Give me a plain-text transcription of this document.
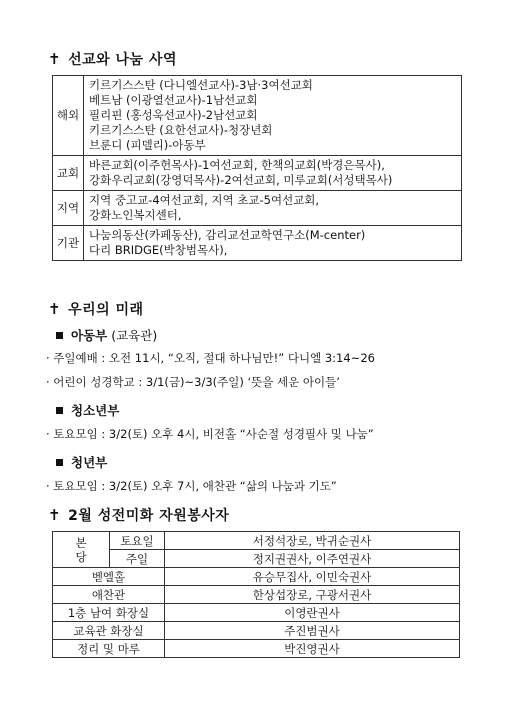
✝ 선교와 나눔 사역
해외	키르기스스탄 (다니엘선교사)-3남·3여선교회
베트남 (이광열선교사)-1남선교회
필리핀 (홍성욱선교사)-2남선교회
키르기스스탄 (요한선교사)-청장년회
브룬디 (피델리)-아동부

교회	바른교회(이주헌목사)-1여선교회, 한책의교회(박경은목사),
강화우리교회(강영덕목사)-2여선교회, 미루교회(서성택목사)

지역	지역 중고교-4여선교회, 지역 초교-5여선교회,
강화노인복지센터,

기관	나눔의동산(카페동산), 감리교선교학연구소(M-center)
다리 BRIDGE(박창범목사),
✝ 우리의 미래
아동부 (교육관)
· 주일예배 : 오전 11시, “오직, 절대 하나님만!” 다니엘 3:14~26
· 어린이 성경학교 : 3/1(금)~3/3(주일) ‘뜻을 세운 아이들’
청소년부
· 토요모임 : 3/2(토) 오후 4시, 비전홀 “사순절 성경필사 및 나눔”
청년부
· 토요모임 : 3/2(토) 오후 7시, 애찬관 “삶의 나눔과 기도”
✝ 2월 성전미화 자원봉사자
본
당	토요일	서정석장로, 박귀순권사
	주일	정지권권사, 이주연권사
벧엘홀		유승무집사, 이민숙권사
애찬관		한상섭장로, 구광서권사
1층 남여 화장실		이영란권사
교육관 화장실		주진범권사
정리 및 마루		박진영권사
